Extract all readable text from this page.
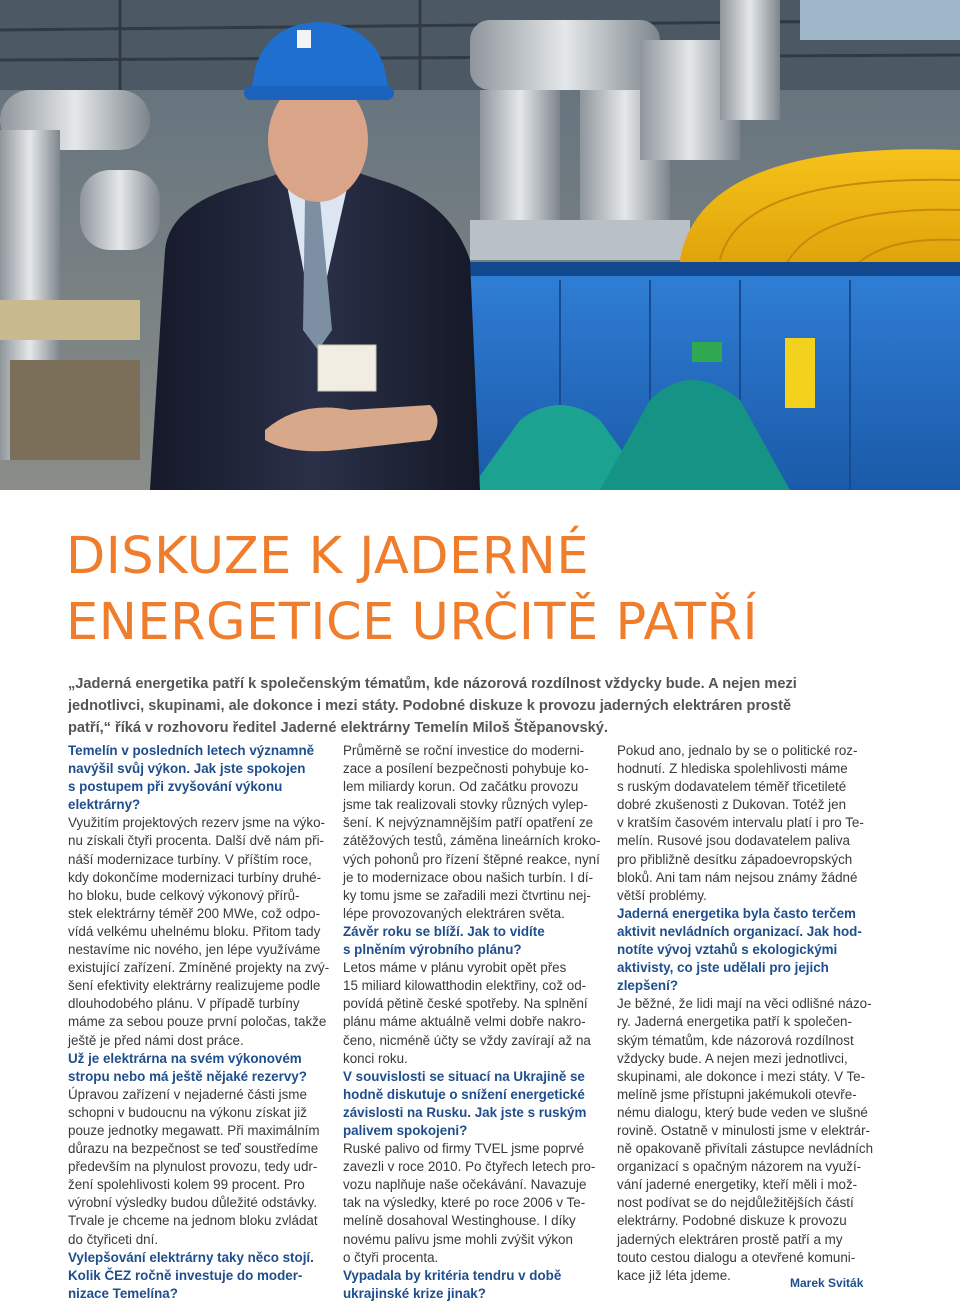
DISKUZE K JADERNÉ
ENERGETICE URČITĚ PATŘÍ

„Jaderná energetika patří k společenským tématům, kde názorová rozdílnost vždycky bude. A nejen mezi
jednotlivci, skupinami, ale dokonce i mezi státy. Podobné diskuze k provozu jaderných elektráren prostě
patří,“ říká v rozhovoru ředitel Jaderné elektrárny Temelín Miloš Štěpanovský.

Temelín v posledních letech významně
navýšil svůj výkon. Jak jste spokojen
s postupem při zvyšování výkonu
elektrárny?
Využitím projektových rezerv jsme na výko-
nu získali čtyři procenta. Další dvě nám při-
náší modernizace turbíny. V příštím roce,
kdy dokončíme modernizaci turbíny druhé-
ho bloku, bude celkový výkonový přírů-
stek elektrárny téměř 200 MWe, což odpo-
vídá velkému uhelnému bloku. Přitom tady
nestavíme nic nového, jen lépe využíváme
existující zařízení. Zmíněné projekty na zvý-
šení efektivity elektrárny realizujeme podle
dlouhodobého plánu. V případě turbíny
máme za sebou pouze první poločas, takže
ještě je před námi dost práce.
Už je elektrárna na svém výkonovém
stropu nebo má ještě nějaké rezervy?
Úpravou zařízení v nejaderné části jsme
schopni v budoucnu na výkonu získat již
pouze jednotky megawatt. Při maximálním
důrazu na bezpečnost se teď soustředíme
především na plynulost provozu, tedy udr-
žení spolehlivosti kolem 99 procent. Pro
výrobní výsledky budou důležité odstávky.
Trvale je chceme na jednom bloku zvládat
do čtyřiceti dní.
Vylepšování elektrárny taky něco stojí.
Kolik ČEZ ročně investuje do moder-
nizace Temelína?
Průměrně se roční investice do moderni-
zace a posílení bezpečnosti pohybuje ko-
lem miliardy korun. Od začátku provozu
jsme tak realizovali stovky různých vylep-
šení. K nejvýznamnějším patří opatření ze
zátěžových testů, záměna lineárních kroko-
vých pohonů pro řízení štěpné reakce, nyní
je to modernizace obou našich turbín. I dí-
ky tomu jsme se zařadili mezi čtvrtinu nej-
lépe provozovaných elektráren světa.
Závěr roku se blíží. Jak to vidíte
s plněním výrobního plánu?
Letos máme v plánu vyrobit opět přes
15 miliard kilowatthodin elektřiny, což od-
povídá pětině české spotřeby. Na splnění
plánu máme aktuálně velmi dobře nakro-
čeno, nicméně účty se vždy zavírají až na
konci roku.
V souvislosti se situací na Ukrajině se
hodně diskutuje o snížení energetické
závislosti na Rusku. Jak jste s ruským
palivem spokojeni?
Ruské palivo od firmy TVEL jsme poprvé
zavezli v roce 2010. Po čtyřech letech pro-
vozu naplňuje naše očekávání. Navazuje
tak na výsledky, které po roce 2006 v Te-
melíně dosahoval Westinghouse. I díky
novému palivu jsme mohli zvýšit výkon
o čtyři procenta.
Vypadala by kritéria tendru v době
ukrajinské krize jinak?
Pokud ano, jednalo by se o politické roz-
hodnutí. Z hlediska spolehlivosti máme
s ruským dodavatelem téměř třicetileté
dobré zkušenosti z Dukovan. Totéž jen
v kratším časovém intervalu platí i pro Te-
melín. Rusové jsou dodavatelem paliva
pro přibližně desítku západoevropských
bloků. Ani tam nám nejsou známy žádné
větší problémy.
Jaderná energetika byla často terčem
aktivit nevládních organizací. Jak hod-
notíte vývoj vztahů s ekologickými
aktivisty, co jste udělali pro jejich
zlepšení?
Je běžné, že lidi mají na věci odlišné názo-
ry. Jaderná energetika patří k společen-
ským tématům, kde názorová rozdílnost
vždycky bude. A nejen mezi jednotlivci,
skupinami, ale dokonce i mezi státy. V Te-
melíně jsme přístupni jakémukoli otevře-
nému dialogu, který bude veden ve slušné
rovině. Ostatně v minulosti jsme v elektrár-
ně opakovaně přivítali zástupce nevládních
organizací s opačným názorem na využí-
vání jaderné energetiky, kteří měli i mož-
nost podívat se do nejdůležitějších částí
elektrárny. Podobné diskuze k provozu
jaderných elektráren prostě patří a my
touto cestou dialogu a otevřené komuni-
kace již léta jdeme.
Marek Sviták
